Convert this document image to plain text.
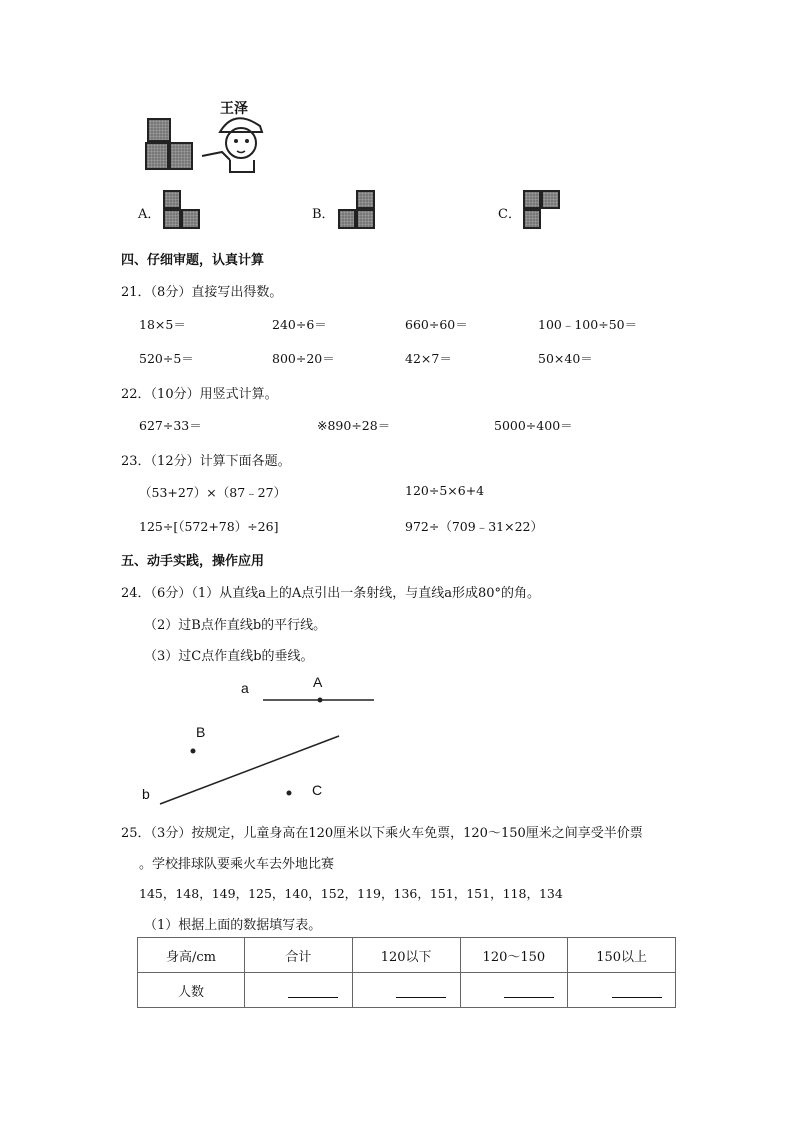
王泽
A．	B．	C．
四、仔细审题，认真计算
21．（8分）直接写出得数。
18×5＝	240÷6＝	660÷60＝	100﹣100÷50＝
520÷5＝	800÷20＝	42×7＝	50×40＝
22．（10分）用竖式计算。
627÷33＝	※890÷28＝	5000÷400＝
23．（12分）计算下面各题。
（53+27）×（87﹣27）	120÷5×6+4
125÷[（572+78）÷26]	972÷（709﹣31×22）
五、动手实践，操作应用
24．（6分）（1）从直线a上的A点引出一条射线，与直线a形成80°的角。
（2）过B点作直线b的平行线。
（3）过C点作直线b的垂线。
a	A
B
b	C
25．（3分）按规定，儿童身高在120厘米以下乘火车免票，120～150厘米之间享受半价票
。学校排球队要乘火车去外地比赛
145，148，149，125，140，152，119，136，151，151，118，134
（1）根据上面的数据填写表。
身高/cm	合计	120以下	120～150	150以上
人数				
